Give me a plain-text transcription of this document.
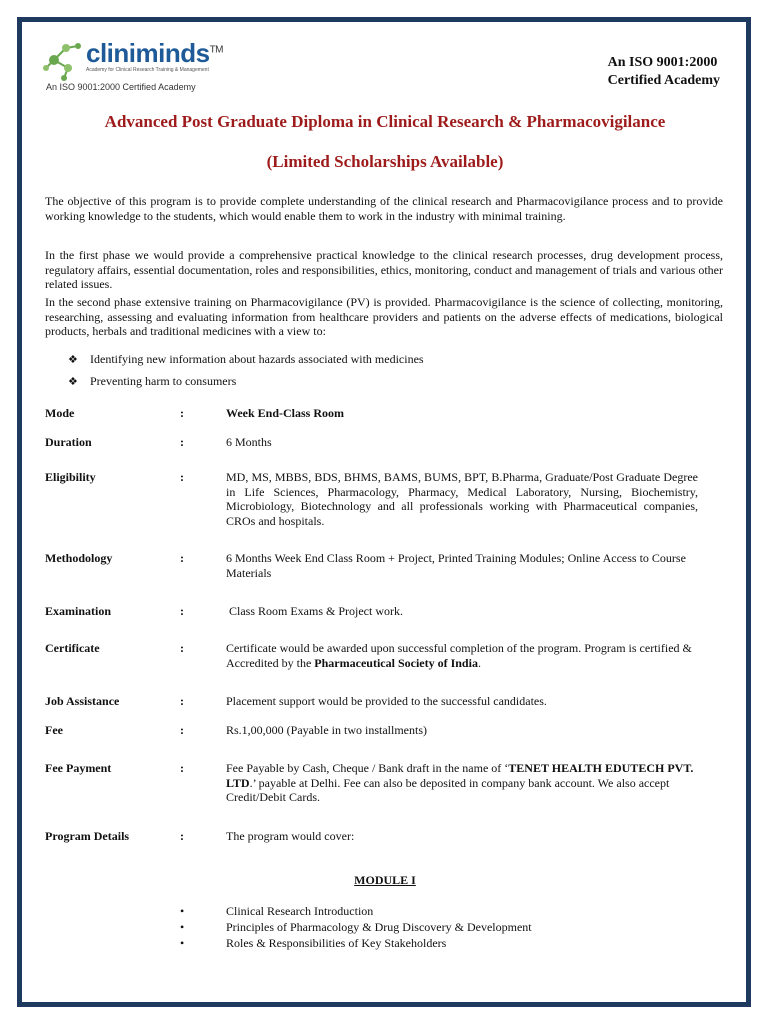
cliniminds™
Academy for Clinical Research Training & Management
An ISO 9001:2000 Certified Academy
An ISO 9001:2000
Certified Academy
Advanced Post Graduate Diploma in Clinical Research & Pharmacovigilance
(Limited Scholarships Available)
The objective of this program is to provide complete understanding of the clinical research and Pharmacovigilance process and to provide working knowledge to the students, which would enable them to work in the industry with minimal training.
In the first phase we would provide a comprehensive practical knowledge to the clinical research processes, drug development process, regulatory affairs, essential documentation, roles and responsibilities, ethics, monitoring, conduct and management of trials and various other related issues.
In the second phase extensive training on Pharmacovigilance (PV) is provided. Pharmacovigilance is the science of collecting, monitoring, researching, assessing and evaluating information from healthcare providers and patients on the adverse effects of medications, biological products, herbals and traditional medicines with a view to:
❖ Identifying new information about hazards associated with medicines
❖ Preventing harm to consumers
Mode	:	Week End-Class Room
Duration	:	6 Months
Eligibility	:	MD, MS, MBBS, BDS, BHMS, BAMS, BUMS, BPT, B.Pharma, Graduate/Post Graduate Degree in Life Sciences, Pharmacology, Pharmacy, Medical Laboratory, Nursing, Biochemistry, Microbiology, Biotechnology and all professionals working with Pharmaceutical companies, CROs and hospitals.
Methodology	:	6 Months Week End Class Room + Project, Printed Training Modules; Online Access to Course Materials
Examination	:	Class Room Exams & Project work.
Certificate	:	Certificate would be awarded upon successful completion of the program. Program is certified & Accredited by the Pharmaceutical Society of India.
Job Assistance	:	Placement support would be provided to the successful candidates.
Fee	:	Rs.1,00,000 (Payable in two installments)
Fee Payment	:	Fee Payable by Cash, Cheque / Bank draft in the name of ‘TENET HEALTH EDUTECH PVT. LTD.’ payable at Delhi. Fee can also be deposited in company bank account. We also accept Credit/Debit Cards.
Program Details	:	The program would cover:
MODULE I
•	Clinical Research Introduction
•	Principles of Pharmacology & Drug Discovery & Development
•	Roles & Responsibilities of Key Stakeholders
